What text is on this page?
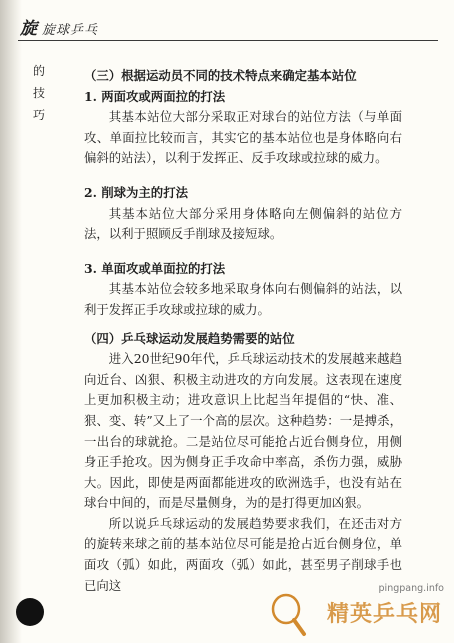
旋 旋球乒乓
的
技
巧
（三）根据运动员不同的技术特点来确定基本站位
1. 两面攻或两面拉的打法

其基本站位大部分采取正对球台的站位方法（与单面攻、单面拉比较而言，其实它的基本站位也是身体略向右偏斜的站法），以利于发挥正、反手攻球或拉球的威力。

2. 削球为主的打法

其基本站位大部分采用身体略向左侧偏斜的站位方法，以利于照顾反手削球及接短球。

3. 单面攻或单面拉的打法

其基本站位会较多地采取身体向右侧偏斜的站法，以利于发挥正手攻球或拉球的威力。

（四）乒乓球运动发展趋势需要的站位

进入20世纪90年代，乒乓球运动技术的发展越来越趋向近台、凶狠、积极主动进攻的方向发展。这表现在速度上更加积极主动；进攻意识上比起当年提倡的“快、准、狠、变、转”又上了一个高的层次。这种趋势：一是搏杀，一出台的球就抢。二是站位尽可能抢占近台侧身位，用侧身正手抢攻。因为侧身正手攻命中率高，杀伤力强，威胁大。因此，即使是两面都能进攻的欧洲选手，也没有站在球台中间的，而是尽量侧身，为的是打得更加凶狠。

所以说乒乓球运动的发展趋势要求我们，在还击对方的旋转来球之前的基本站位尽可能是抢占近台侧身位，单面攻（弧）如此，两面攻（弧）如此，甚至男子削球手也已向这	pingpang.info
精英乒乓网
